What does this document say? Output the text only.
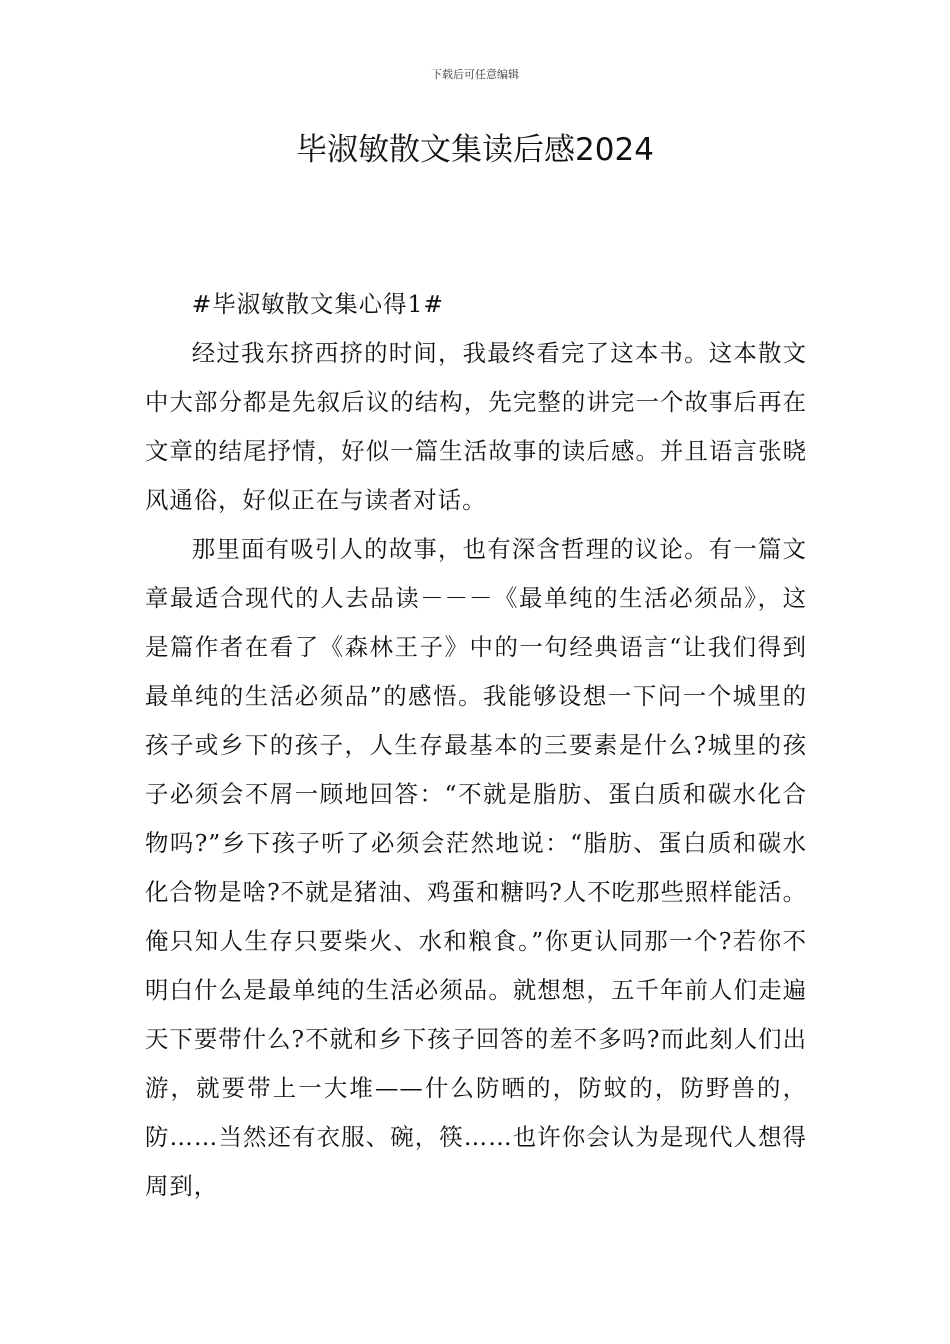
下载后可任意编辑
毕淑敏散文集读后感2024

#毕淑敏散文集心得1#

经过我东挤西挤的时间，我最终看完了这本书。这本散文中大部分都是先叙后议的结构，先完整的讲完一个故事后再在文章的结尾抒情，好似一篇生活故事的读后感。并且语言张晓风通俗，好似正在与读者对话。

那里面有吸引人的故事，也有深含哲理的议论。有一篇文章最适合现代的人去品读－－－《最单纯的生活必须品》，这是篇作者在看了《森林王子》中的一句经典语言“让我们得到最单纯的生活必须品”的感悟。我能够设想一下问一个城里的孩子或乡下的孩子，人生存最基本的三要素是什么?城里的孩子必须会不屑一顾地回答：“不就是脂肪、蛋白质和碳水化合物吗?”乡下孩子听了必须会茫然地说：“脂肪、蛋白质和碳水化合物是啥?不就是猪油、鸡蛋和糖吗?人不吃那些照样能活。俺只知人生存只要柴火、水和粮食。”你更认同那一个?若你不明白什么是最单纯的生活必须品。就想想，五千年前人们走遍天下要带什么?不就和乡下孩子回答的差不多吗?而此刻人们出游，就要带上一大堆——什么防晒的，防蚊的，防野兽的，防……当然还有衣服、碗，筷……也许你会认为是现代人想得周到，
